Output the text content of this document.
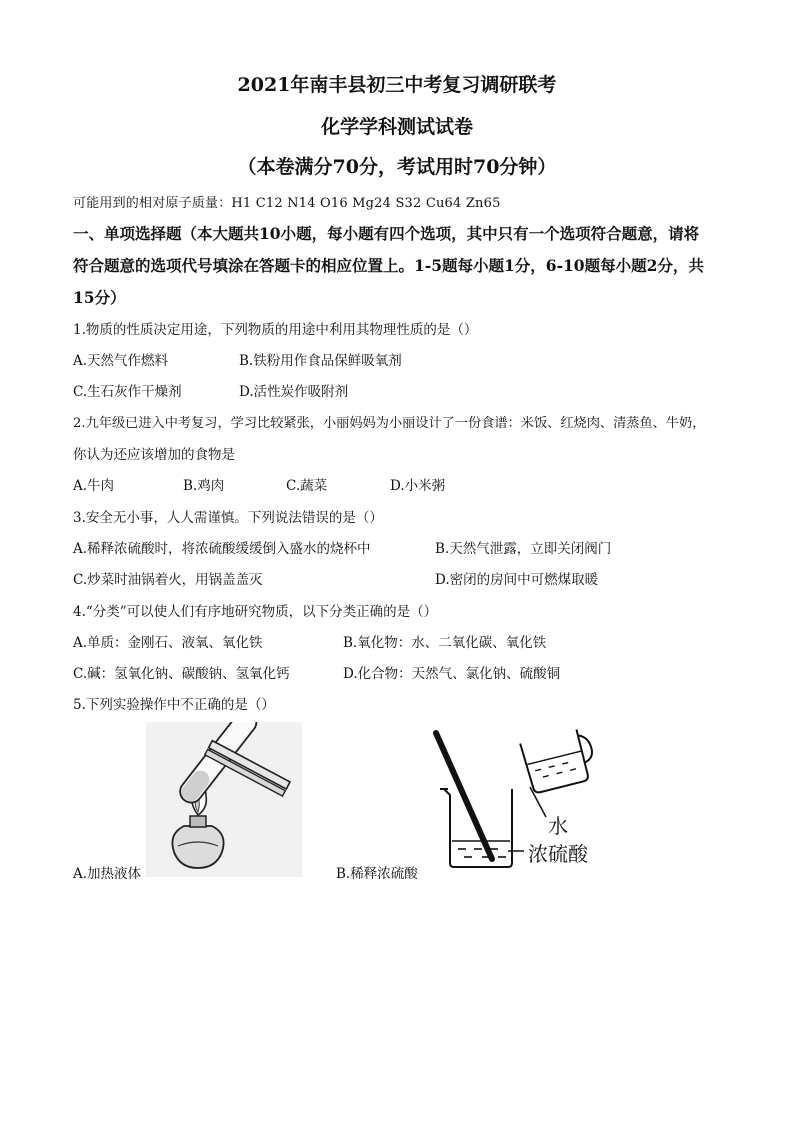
2021年南丰县初三中考复习调研联考
化学学科测试试卷
（本卷满分70分，考试用时70分钟）
可能用到的相对原子质量：H1 C12 N14 O16 Mg24 S32 Cu64 Zn65
一、单项选择题（本大题共10小题，每小题有四个选项，其中只有一个选项符合题意，请将
符合题意的选项代号填涂在答题卡的相应位置上。1-5题每小题1分，6-10题每小题2分，共
15分）
1.物质的性质决定用途，下列物质的用途中利用其物理性质的是（）
A.天然气作燃料	B.铁粉用作食品保鲜吸氧剂
C.生石灰作干燥剂	D.活性炭作吸附剂
2.九年级已进入中考复习，学习比较紧张，小丽妈妈为小丽设计了一份食谱：米饭、红烧肉、清蒸鱼、牛奶，
你认为还应该增加的食物是
A.牛肉	B.鸡肉	C.蔬菜	D.小米粥
3.安全无小事，人人需谨慎。下列说法错误的是（）
A.稀释浓硫酸时，将浓硫酸缓缓倒入盛水的烧杯中	B.天然气泄露，立即关闭阀门
C.炒菜时油锅着火，用锅盖盖灭	D.密闭的房间中可燃煤取暖
4.“分类”可以使人们有序地研究物质，以下分类正确的是（）
A.单质：金刚石、液氧、氧化铁	B.氧化物：水、二氧化碳、氧化铁
C.碱：氢氧化钠、碳酸钠、氢氧化钙	D.化合物：天然气、氯化钠、硫酸铜
5.下列实验操作中不正确的是（）
A.加热液体
水
浓硫酸
B.稀释浓硫酸
